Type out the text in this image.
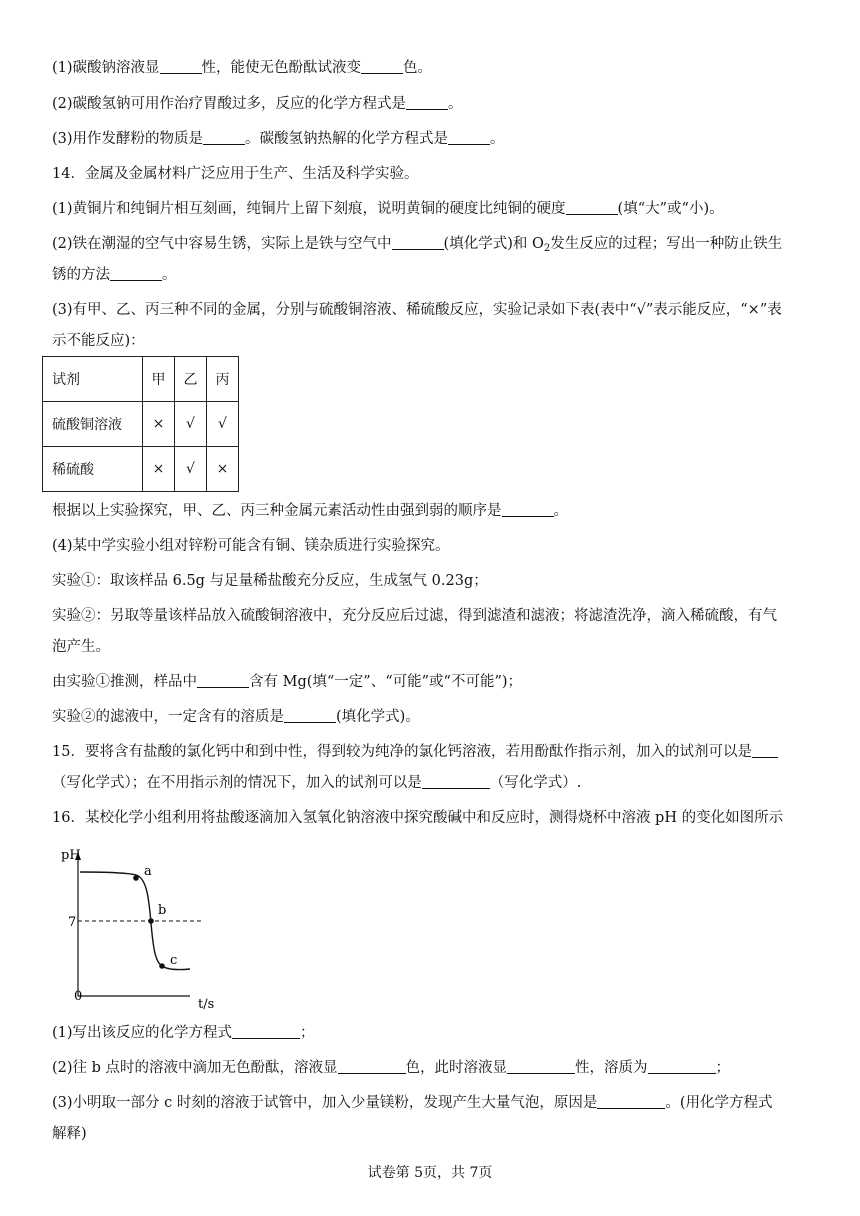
(1)碳酸钠溶液显	性，能使无色酚酞试液变	色。
(2)碳酸氢钠可用作治疗胃酸过多，反应的化学方程式是	。
(3)用作发酵粉的物质是	。碳酸氢钠热解的化学方程式是	。
14．金属及金属材料广泛应用于生产、生活及科学实验。
(1)黄铜片和纯铜片相互刻画，纯铜片上留下刻痕，说明黄铜的硬度比纯铜的硬度	(填“大”或“小)。
(2)铁在潮湿的空气中容易生锈，实际上是铁与空气中	(填化学式)和 $O_2$发生反应的过程；写出一种防止铁生
锈的方法	。
(3)有甲、乙、丙三种不同的金属，分别与硫酸铜溶液、稀硫酸反应，实验记录如下表(表中“√”表示能反应，“×”表
示不能反应)：
试剂	甲	乙	丙
硫酸铜溶液	×	√	√
稀硫酸	×	√	×
根据以上实验探究，甲、乙、丙三种金属元素活动性由强到弱的顺序是	。
(4)某中学实验小组对锌粉可能含有铜、镁杂质进行实验探究。
实验①：取该样品 6.5g 与足量稀盐酸充分反应，生成氢气 0.23g；
实验②：另取等量该样品放入硫酸铜溶液中，充分反应后过滤，得到滤渣和滤液；将滤渣洗净，滴入稀硫酸，有气
泡产生。
由实验①推测，样品中	含有 Mg(填“一定”、“可能”或“不可能”)；
实验②的滤液中，一定含有的溶质是	(填化学式)。
15．要将含有盐酸的氯化钙中和到中性，得到较为纯净的氯化钙溶液，若用酚酞作指示剂，加入的试剂可以是
（写化学式）；在不用指示剂的情况下，加入的试剂可以是	（写化学式）.
16．某校化学小组利用将盐酸逐滴加入氢氧化钠溶液中探究酸碱中和反应时，测得烧杯中溶液 pH 的变化如图所示
pH
7
0
t/s
a
b
c
(1)写出该反应的化学方程式	；
(2)往 b 点时的溶液中滴加无色酚酞，溶液显	色，此时溶液显	性，溶质为	；
(3)小明取一部分 c 时刻的溶液于试管中，加入少量镁粉，发现产生大量气泡，原因是	。(用化学方程式
解释)
试卷第 5页，共 7页
